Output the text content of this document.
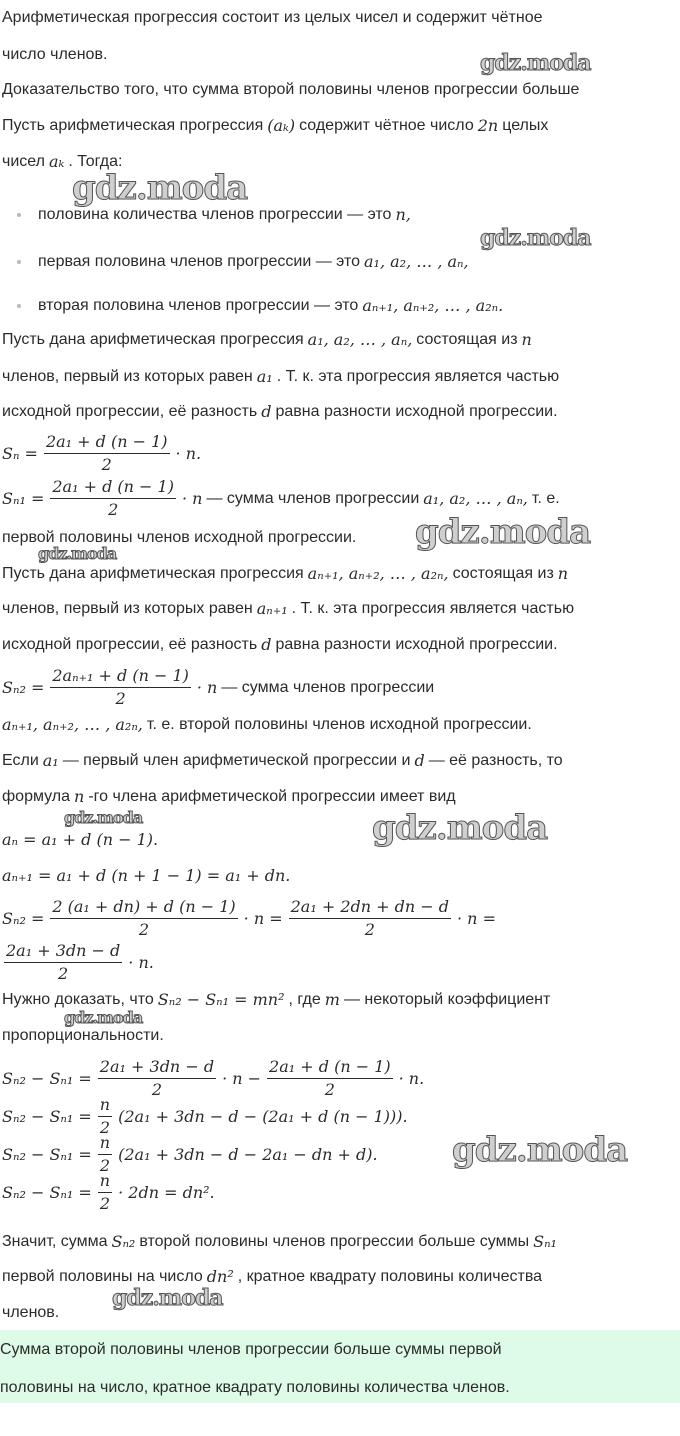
Арифметическая прогрессия состоит из целых чисел и содержит чётное
число членов.
Доказательство того, что сумма второй половины членов прогрессии больше
Пусть арифметическая прогрессия (aₖ) содержит чётное число 2n целых
чисел aₖ . Тогда:
половина количества членов прогрессии — это n,
первая половина членов прогрессии — это a₁, a₂, … , aₙ,
вторая половина членов прогрессии — это aₙ₊₁, aₙ₊₂, … , a₂ₙ.
Пусть дана арифметическая прогрессия a₁, a₂, … , aₙ, состоящая из n
членов, первый из которых равен a₁ . Т. к. эта прогрессия является частью
исходной прогрессии, её разность d равна разности исходной прогрессии.
$S_n = \frac{\text{2a₁ + d (n − 1)}}{2} \cdot n$.
$S_{n1} = \frac{\text{2a₁ + d (n − 1)}}{2} \cdot n$ — сумма членов прогрессии a₁, a₂, … , aₙ, т. е.
первой половины членов исходной прогрессии.
Пусть дана арифметическая прогрессия aₙ₊₁, aₙ₊₂, … , a₂ₙ, состоящая из n
членов, первый из которых равен aₙ₊₁ . Т. к. эта прогрессия является частью
исходной прогрессии, её разность d равна разности исходной прогрессии.
$S_{n2} = \frac{\text{2aₙ₊₁ + d (n − 1)}}{2} \cdot n$ — сумма членов прогрессии
aₙ₊₁, aₙ₊₂, … , a₂ₙ, т. е. второй половины членов исходной прогрессии.
Если a₁ — первый член арифметической прогрессии и d — её разность, то
формула n -го члена арифметической прогрессии имеет вид
aₙ = a₁ + d (n − 1).
aₙ₊₁ = a₁ + d (n + 1 − 1) = a₁ + dn.
$S_{n2} = \frac{\text{2 (a₁ + dn) + d (n − 1)}}{2} \cdot n = \frac{\text{2a₁ + 2dn + dn − d}}{2} \cdot n$ =
$\frac{\text{2a₁ + 3dn − d}}{2} \cdot n$.
Нужно доказать, что Sₙ₂ − Sₙ₁ = mn² , где m — некоторый коэффициент
пропорциональности.
$S_{n2} - S_{n1} = \frac{\text{2a₁ + 3dn − d}}{2} \cdot n - \frac{\text{2a₁ + d (n − 1)}}{2} \cdot n$.
$S_{n2} - S_{n1} = \frac{n}{2} (2a_1 + 3dn - d - (2a_1 + d$ (n − 1))).
$S_{n2} - S_{n1} = \frac{n}{2} (2a_1 + 3dn - d - 2a_1$ − dn + d).
$S_{n2} - S_{n1} = \frac{n}{2} \cdot 2dn = dn^2$.
Значит, сумма Sₙ₂ второй половины членов прогрессии больше суммы Sₙ₁
первой половины на число dn² , кратное квадрату половины количества
членов.
Сумма второй половины членов прогрессии больше суммы первой
половины на число, кратное квадрату половины количества членов.
gdz.moda
gdz.moda
gdz.moda
gdz.moda
gdz.moda
gdz.moda	gdz.moda
gdz.moda
gdz.moda
gdz.moda
